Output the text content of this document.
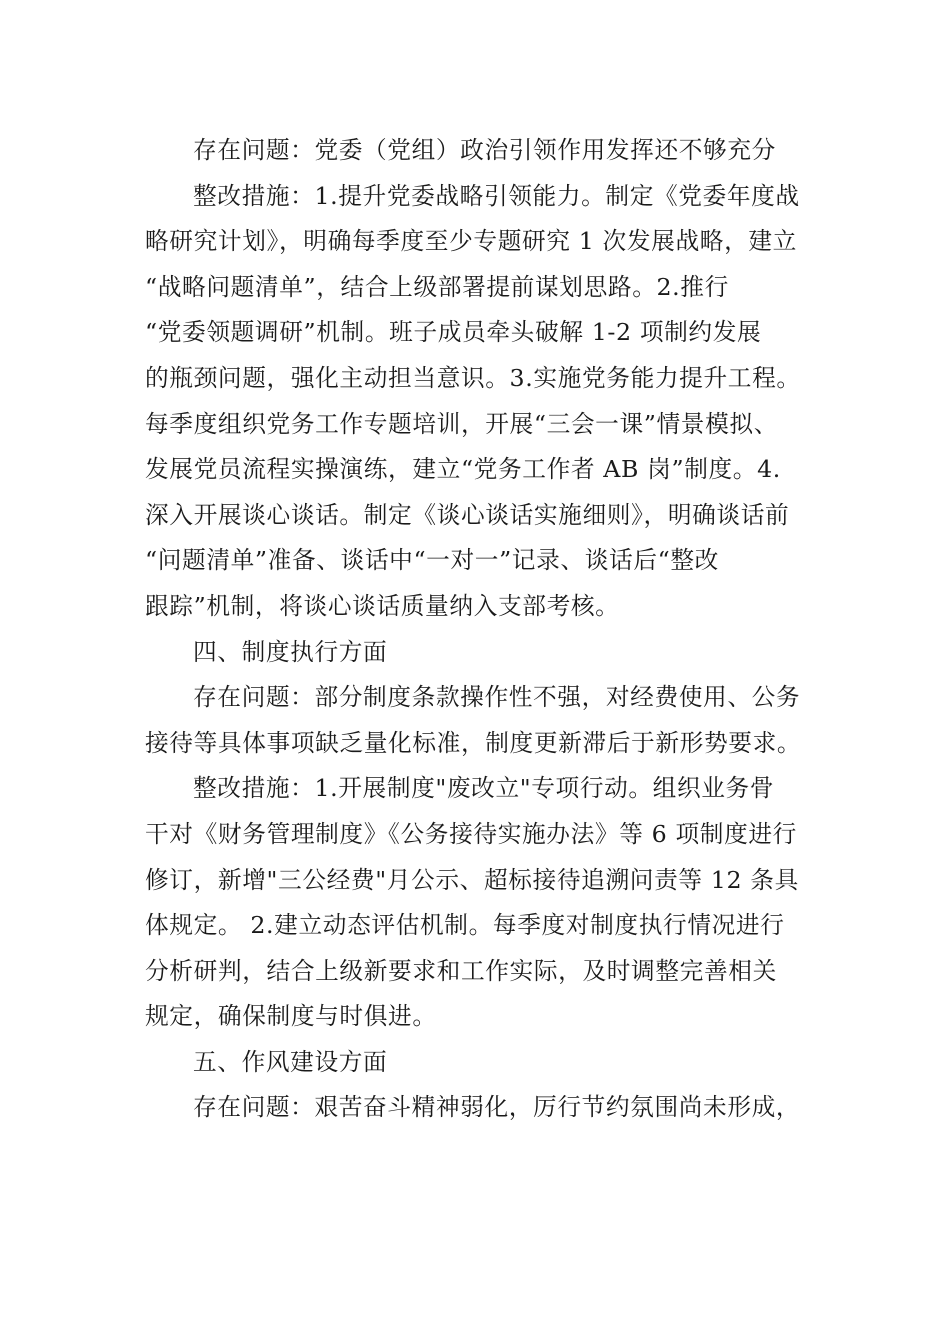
存在问题：党委（党组）政治引领作用发挥还不够充分
整改措施：1.提升党委战略引领能力。制定《党委年度战
略研究计划》，明确每季度至少专题研究 1 次发展战略，建立
“战略问题清单”，结合上级部署提前谋划思路。2.推行
“党委领题调研”机制。班子成员牵头破解 1-2 项制约发展
的瓶颈问题，强化主动担当意识。3.实施党务能力提升工程。
每季度组织党务工作专题培训，开展“三会一课”情景模拟、
发展党员流程实操演练，建立“党务工作者 AB 岗”制度。4.
深入开展谈心谈话。制定《谈心谈话实施细则》，明确谈话前
“问题清单”准备、谈话中“一对一”记录、谈话后“整改
跟踪”机制，将谈心谈话质量纳入支部考核。
四、制度执行方面
存在问题：部分制度条款操作性不强，对经费使用、公务
接待等具体事项缺乏量化标准，制度更新滞后于新形势要求。
整改措施：1.开展制度"废改立"专项行动。组织业务骨
干对《财务管理制度》《公务接待实施办法》等 6 项制度进行
修订，新增"三公经费"月公示、超标接待追溯问责等 12 条具
体规定。 2.建立动态评估机制。每季度对制度执行情况进行
分析研判，结合上级新要求和工作实际，及时调整完善相关
规定，确保制度与时俱进。
五、作风建设方面
存在问题：艰苦奋斗精神弱化，厉行节约氛围尚未形成，
